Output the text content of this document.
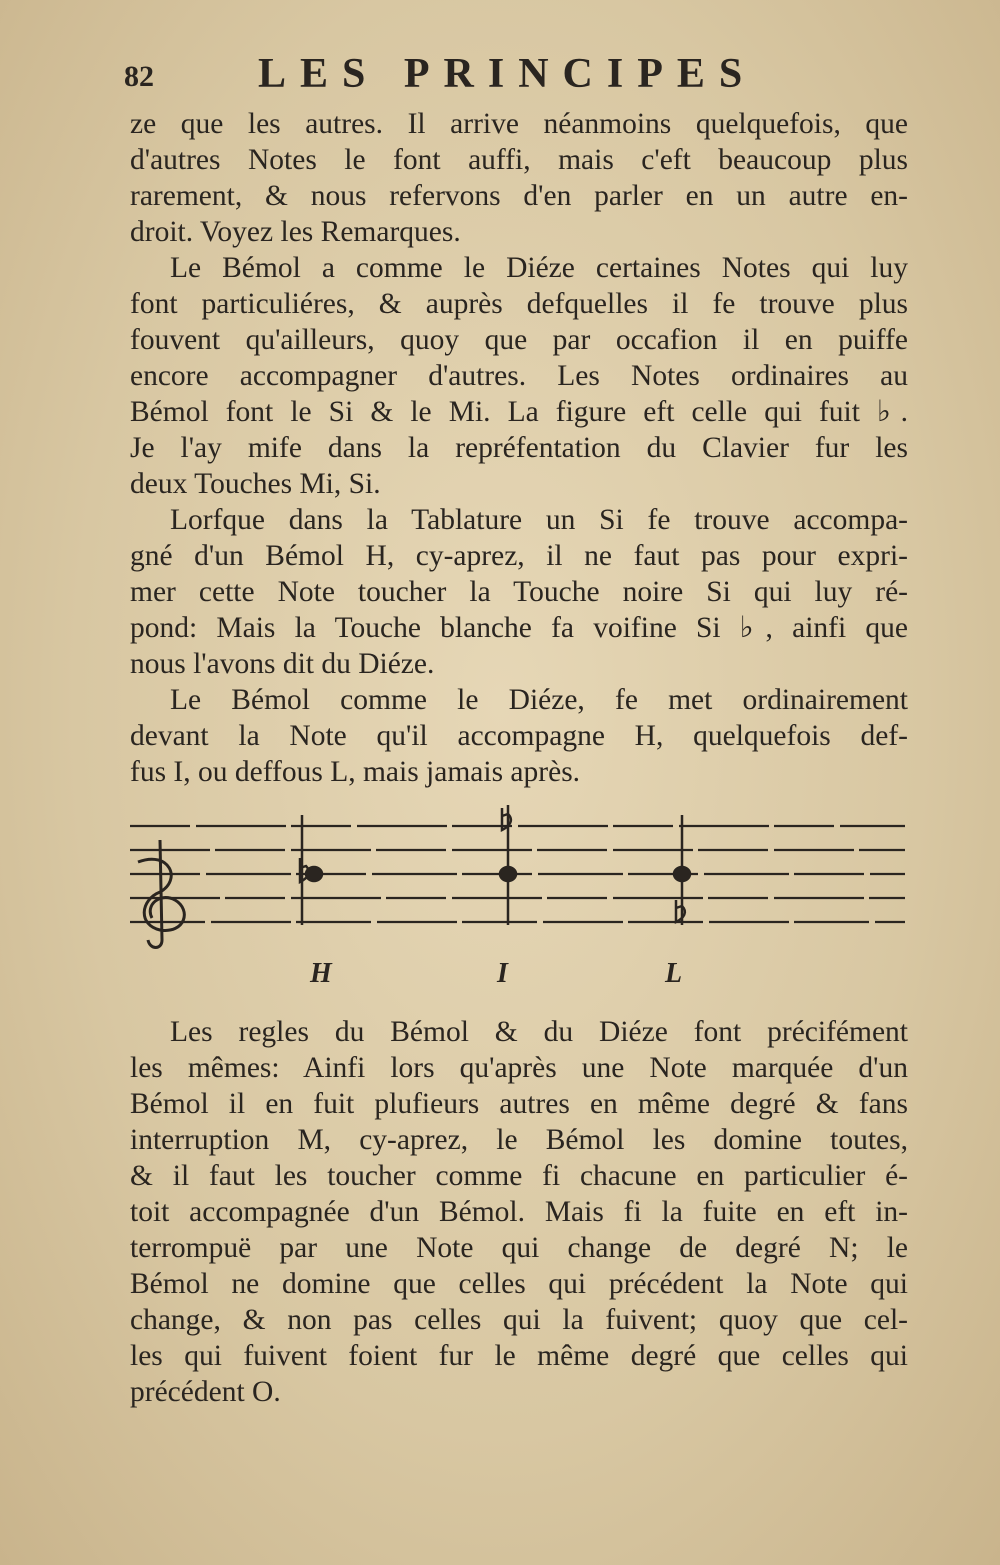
82 LES PRINCIPES
ze que les autres. Il arrive néanmoins quelquefois, que
d'autres Notes le font auffi, mais c'eft beaucoup plus
rarement, & nous refervons d'en parler en un autre en-
droit. Voyez les Remarques.
Le Bémol a comme le Diéze certaines Notes qui luy
font particuliéres, & auprès defquelles il fe trouve plus
fouvent qu'ailleurs, quoy que par occafion il en puiffe
encore accompagner d'autres. Les Notes ordinaires au
Bémol font le Si & le Mi. La figure eft celle qui fuit ♭.
Je l'ay mife dans la repréfentation du Clavier fur les
deux Touches Mi, Si.
Lorfque dans la Tablature un Si fe trouve accompa-
gné d'un Bémol H, cy-aprez, il ne faut pas pour expri-
mer cette Note toucher la Touche noire Si qui luy ré-
pond: Mais la Touche blanche fa voifine Si ♭, ainfi que
nous l'avons dit du Diéze.
Le Bémol comme le Diéze, fe met ordinairement
devant la Note qu'il accompagne H, quelquefois def-
fus I, ou deffous L, mais jamais après.
H	I	L
Les regles du Bémol & du Diéze font précifément
les mêmes: Ainfi lors qu'après une Note marquée d'un
Bémol il en fuit plufieurs autres en même degré & fans
interruption M, cy-aprez, le Bémol les domine toutes,
& il faut les toucher comme fi chacune en particulier é-
toit accompagnée d'un Bémol. Mais fi la fuite en eft in-
terrompuë par une Note qui change de degré N; le
Bémol ne domine que celles qui précédent la Note qui
change, & non pas celles qui la fuivent; quoy que cel-
les qui fuivent foient fur le même degré que celles qui
précédent O.
